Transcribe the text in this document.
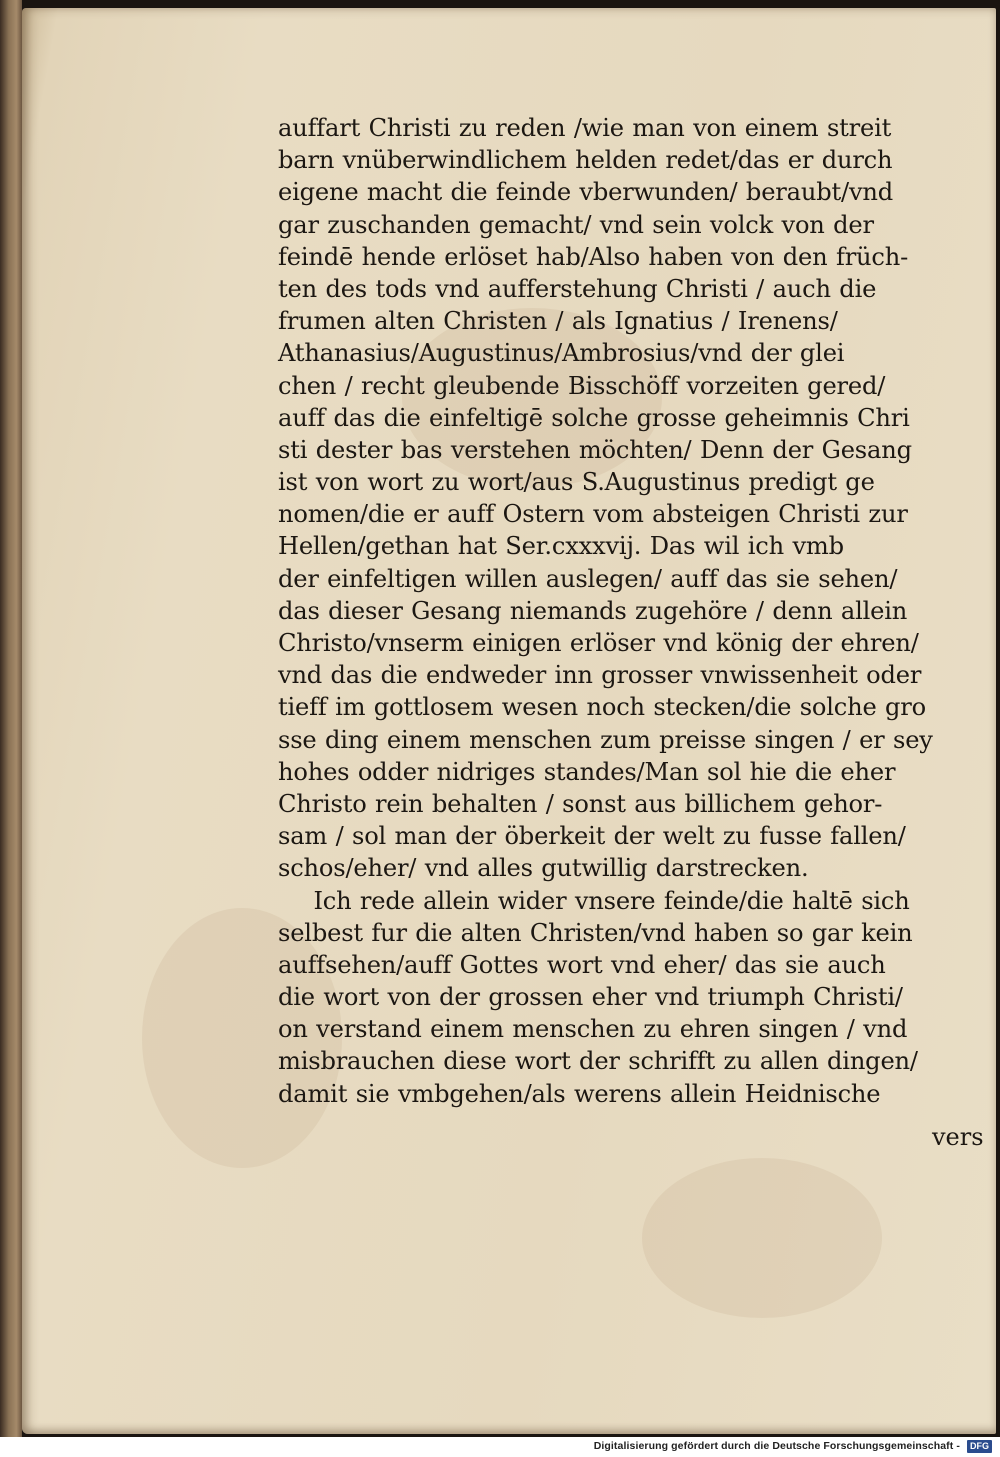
auffart Christi zu reden /wie man von einem streit
barn vnüberwindlichem helden redet/das er durch
eigene macht die feinde vberwunden/ beraubt/vnd
gar zuschanden gemacht/ vnd sein volck von der
feindē hende erlöset hab/Also haben von den früch-
ten des tods vnd aufferstehung Christi / auch die
frumen alten Christen / als Ignatius / Irenens/
Athanasius/Augustinus/Ambrosius/vnd der glei
chen / recht gleubende Bisschöff vorzeiten gered/
auff das die einfeltigē solche grosse geheimnis Chri
sti dester bas verstehen möchten/ Denn der Gesang
ist von wort zu wort/aus S.Augustinus predigt ge
nomen/die er auff Ostern vom absteigen Christi zur
Hellen/gethan hat Ser.cxxxvij. Das wil ich vmb
der einfeltigen willen auslegen/ auff das sie sehen/
das dieser Gesang niemands zugehöre / denn allein
Christo/vnserm einigen erlöser vnd könig der ehren/
vnd das die endweder inn grosser vnwissenheit oder
tieff im gottlosem wesen noch stecken/die solche gro
sse ding einem menschen zum preisse singen / er sey
hohes odder nidriges standes/Man sol hie die eher
Christo rein behalten / sonst aus billichem gehor-
sam / sol man der öberkeit der welt zu fusse fallen/
schos/eher/ vnd alles gutwillig darstrecken.
Ich rede allein wider vnsere feinde/die haltē sich
selbest fur die alten Christen/vnd haben so gar kein
auffsehen/auff Gottes wort vnd eher/ das sie auch
die wort von der grossen eher vnd triumph Christi/
on verstand einem menschen zu ehren singen / vnd
misbrauchen diese wort der schrifft zu allen dingen/
damit sie vmbgehen/als werens allein Heidnische
vers
Digitalisierung gefördert durch die Deutsche Forschungsgemeinschaft -	DFG
